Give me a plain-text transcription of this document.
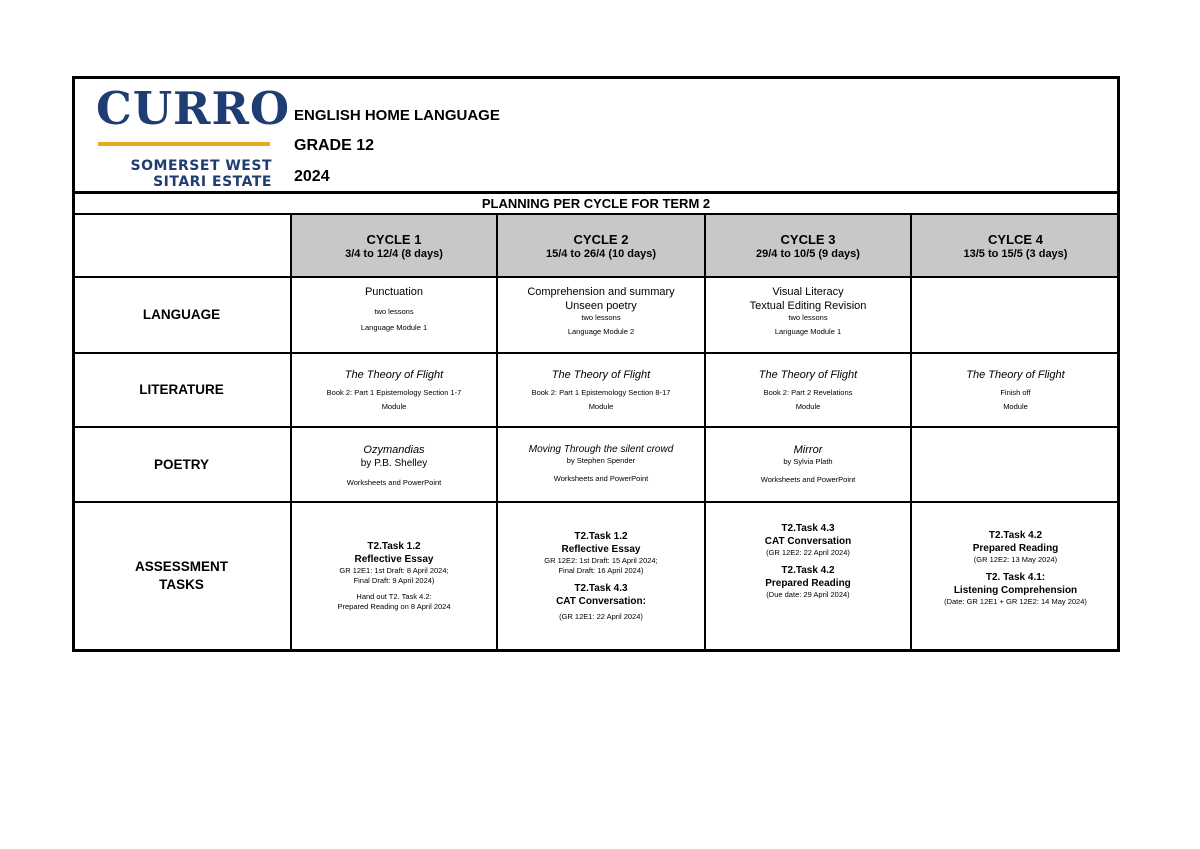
CURRO
SOMERSET WEST
SITARI ESTATE
ENGLISH HOME LANGUAGE
GRADE 12
2024
PLANNING PER CYCLE FOR TERM 2
CYCLE 1
3/4 to 12/4 (8 days)
CYCLE 2
15/4 to 26/4 (10 days)
CYCLE 3
29/4 to 10/5 (9 days)
CYLCE 4
13/5 to 15/5 (3 days)
LANGUAGE
LITERATURE
POETRY
ASSESSMENT
TASKS
Punctuation
two lessons
Language Module 1
Comprehension and summary
Unseen poetry
two lessons
Language Module 2
Visual Literacy
Textual Editing Revision
two lessons
Language Module 1
The Theory of Flight
Book 2: Part 1 Epistemology Section 1-7
Module
The Theory of Flight
Book 2: Part 1 Epistemology Section 8-17
Module
The Theory of Flight
Book 2: Part 2 Revelations
Module
The Theory of Flight
Finish off
Module
Ozymandias
by P.B. Shelley
Worksheets and PowerPoint
Moving Through the silent crowd
by Stephen Spender
Worksheets and PowerPoint
Mirror
by Sylvia Plath
Worksheets and PowerPoint
T2.Task 1.2
Reflective Essay
GR 12E1: 1st Draft: 8 April 2024;
Final Draft: 9 April 2024)
Hand out T2. Task 4.2:
Prepared Reading on 8 April 2024
T2.Task 1.2
Reflective Essay
GR 12E2: 1st Draft: 15 April 2024;
Final Draft: 16 April 2024)
T2.Task 4.3
CAT Conversation:
(GR 12E1: 22 April 2024)
T2.Task 4.3
CAT Conversation
(GR 12E2: 22 April 2024)
T2.Task 4.2
Prepared Reading
(Due date: 29 April 2024)
T2.Task 4.2
Prepared Reading
(GR 12E2: 13 May 2024)
T2. Task 4.1:
Listening Comprehension
(Date: GR 12E1 + GR 12E2: 14 May 2024)
